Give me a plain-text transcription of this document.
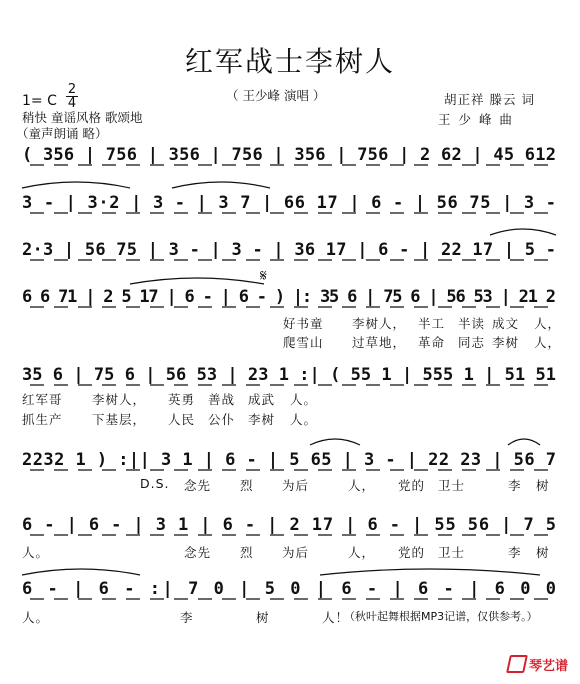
红军战士李树人
1= C
2
4
（ 王少峰 演唱 ）	胡正祥 滕云 词
王 少 峰 曲
稍快 童谣风格 歌颂地
（童声朗诵 略）
( 356 | 756 | 356 | 756 | 356 | 756 | 2 62 | 45 612
3 - | 3·2 | 3 - | 3 7 | 66 17 | 6 - | 56 75 | 3 -
2·3 | 56 75 | 3 - | 3 - | 36 17 | 6 - | 22 17 | 5 -
6 6 71 | 2 5 17 | 6 - | 6 - ) |: 35 6 | 75 6 | 56 53 | 21 2
35 6 | 75 6 | 56 53 | 23 1 :| ( 55 1 | 555 1 | 51 51
2232 1 ) :|| 3 1 | 6 - | 5 65 | 3 - | 22 23 | 56 7
6 - | 6 - | 3 1 | 6 - | 2 17 | 6 - | 55 56 | 7 5
6 - | 6 - :| 7 0 | 5 0 | 6 - | 6 - | 6 0 0
𝄋
好书童 李树人， 半工 半读 成文 人，
爬雪山 过草地， 革命 同志 李树 人，
红军哥 李树人， 英勇 善战 成武 人。
抓生产 下基层， 人民 公仆 李树 人。
D.S. 念先 烈 为后	人， 党的 卫士	李 树
人。	念先 烈 为后	人， 党的 卫士	李 树
人。	李	树	人！
（秋叶起舞根据MP3记谱，仅供参考。）
琴艺谱
